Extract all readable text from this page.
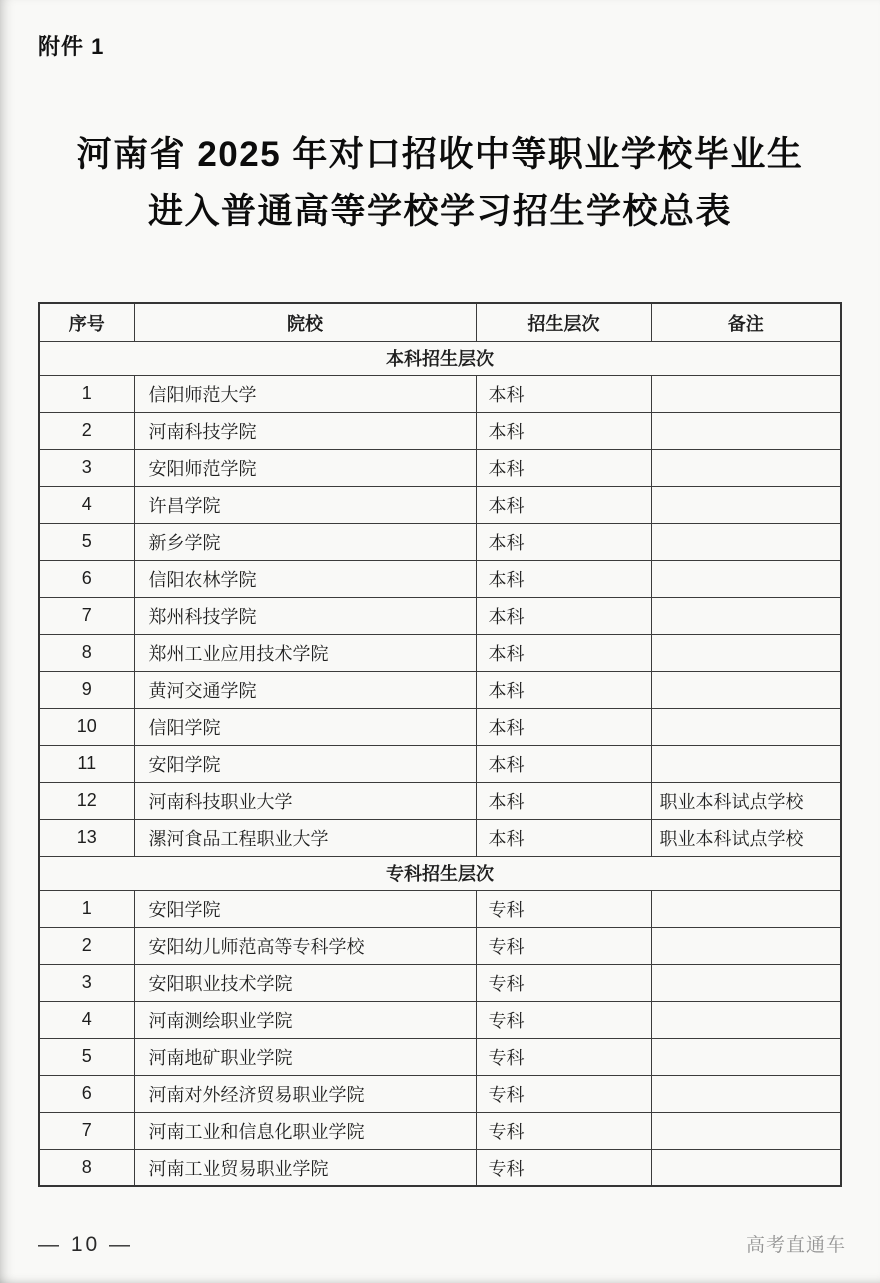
附件 1
河南省 2025 年对口招收中等职业学校毕业生
进入普通高等学校学习招生学校总表
序号	院校	招生层次	备注
本科招生层次			
1	信阳师范大学	本科	
2	河南科技学院	本科	
3	安阳师范学院	本科	
4	许昌学院	本科	
5	新乡学院	本科	
6	信阳农林学院	本科	
7	郑州科技学院	本科	
8	郑州工业应用技术学院	本科	
9	黄河交通学院	本科	
10	信阳学院	本科	
11	安阳学院	本科	
12	河南科技职业大学	本科	职业本科试点学校
13	漯河食品工程职业大学	本科	职业本科试点学校
专科招生层次			
1	安阳学院	专科	
2	安阳幼儿师范高等专科学校	专科	
3	安阳职业技术学院	专科	
4	河南测绘职业学院	专科	
5	河南地矿职业学院	专科	
6	河南对外经济贸易职业学院	专科	
7	河南工业和信息化职业学院	专科	
8	河南工业贸易职业学院	专科	
— 10 —	高考直通车
